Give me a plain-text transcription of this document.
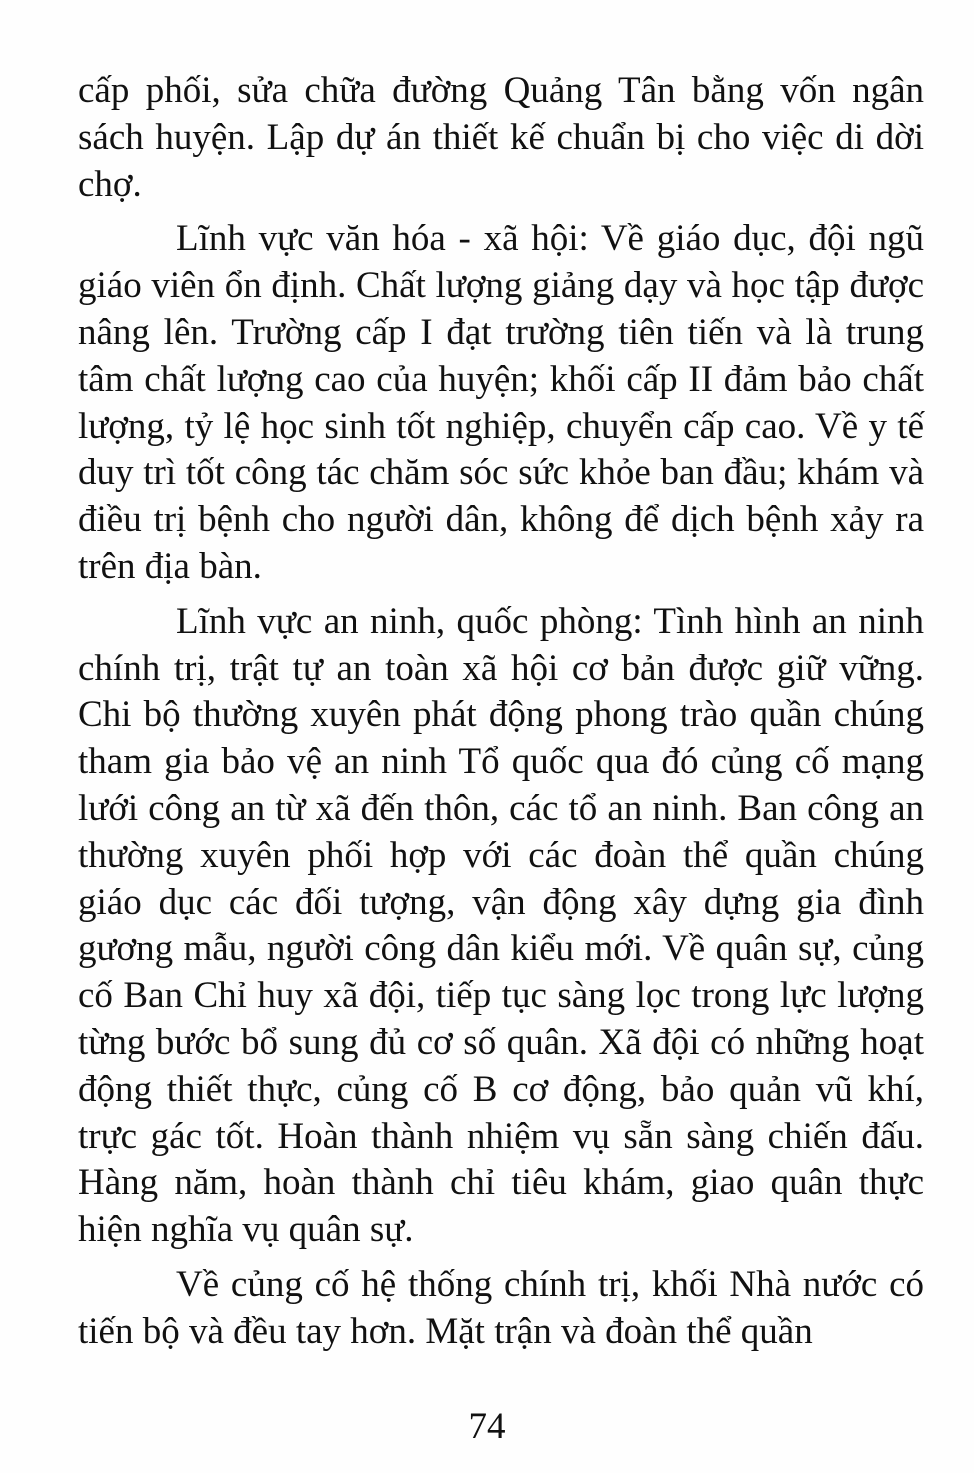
cấp phối, sửa chữa đường Quảng Tân bằng vốn ngân sách huyện. Lập dự án thiết kế chuẩn bị cho việc di dời chợ.

Lĩnh vực văn hóa - xã hội: Về giáo dục, đội ngũ giáo viên ổn định. Chất lượng giảng dạy và học tập được nâng lên. Trường cấp I đạt trường tiên tiến và là trung tâm chất lượng cao của huyện; khối cấp II đảm bảo chất lượng, tỷ lệ học sinh tốt nghiệp, chuyển cấp cao. Về y tế duy trì tốt công tác chăm sóc sức khỏe ban đầu; khám và điều trị bệnh cho người dân, không để dịch bệnh xảy ra trên địa bàn.

Lĩnh vực an ninh, quốc phòng: Tình hình an ninh chính trị, trật tự an toàn xã hội cơ bản được giữ vững. Chi bộ thường xuyên phát động phong trào quần chúng tham gia bảo vệ an ninh Tổ quốc qua đó củng cố mạng lưới công an từ xã đến thôn, các tổ an ninh. Ban công an thường xuyên phối hợp với các đoàn thể quần chúng giáo dục các đối tượng, vận động xây dựng gia đình gương mẫu, người công dân kiểu mới. Về quân sự, củng cố Ban Chỉ huy xã đội, tiếp tục sàng lọc trong lực lượng từng bước bổ sung đủ cơ số quân. Xã đội có những hoạt động thiết thực, củng cố B cơ động, bảo quản vũ khí, trực gác tốt. Hoàn thành nhiệm vụ sẵn sàng chiến đấu. Hàng năm, hoàn thành chỉ tiêu khám, giao quân thực hiện nghĩa vụ quân sự.

Về củng cố hệ thống chính trị, khối Nhà nước có tiến bộ và đều tay hơn. Mặt trận và đoàn thể quần

74
